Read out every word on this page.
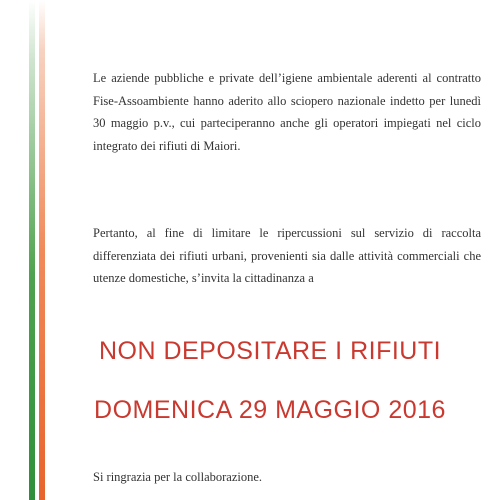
Le aziende pubbliche e private dell’igiene ambientale aderenti al contratto Fise-Assoambiente hanno aderito allo sciopero nazionale indetto per lunedì 30 maggio p.v., cui parteciperanno anche gli operatori impiegati nel ciclo integrato dei rifiuti di Maiori.

Pertanto, al fine di limitare le ripercussioni sul servizio di raccolta differenziata dei rifiuti urbani, provenienti sia dalle attività commerciali che utenze domestiche, s’invita la cittadinanza a

NON DEPOSITARE I RIFIUTI
DOMENICA 29 MAGGIO 2016

Si ringrazia per la collaborazione.
